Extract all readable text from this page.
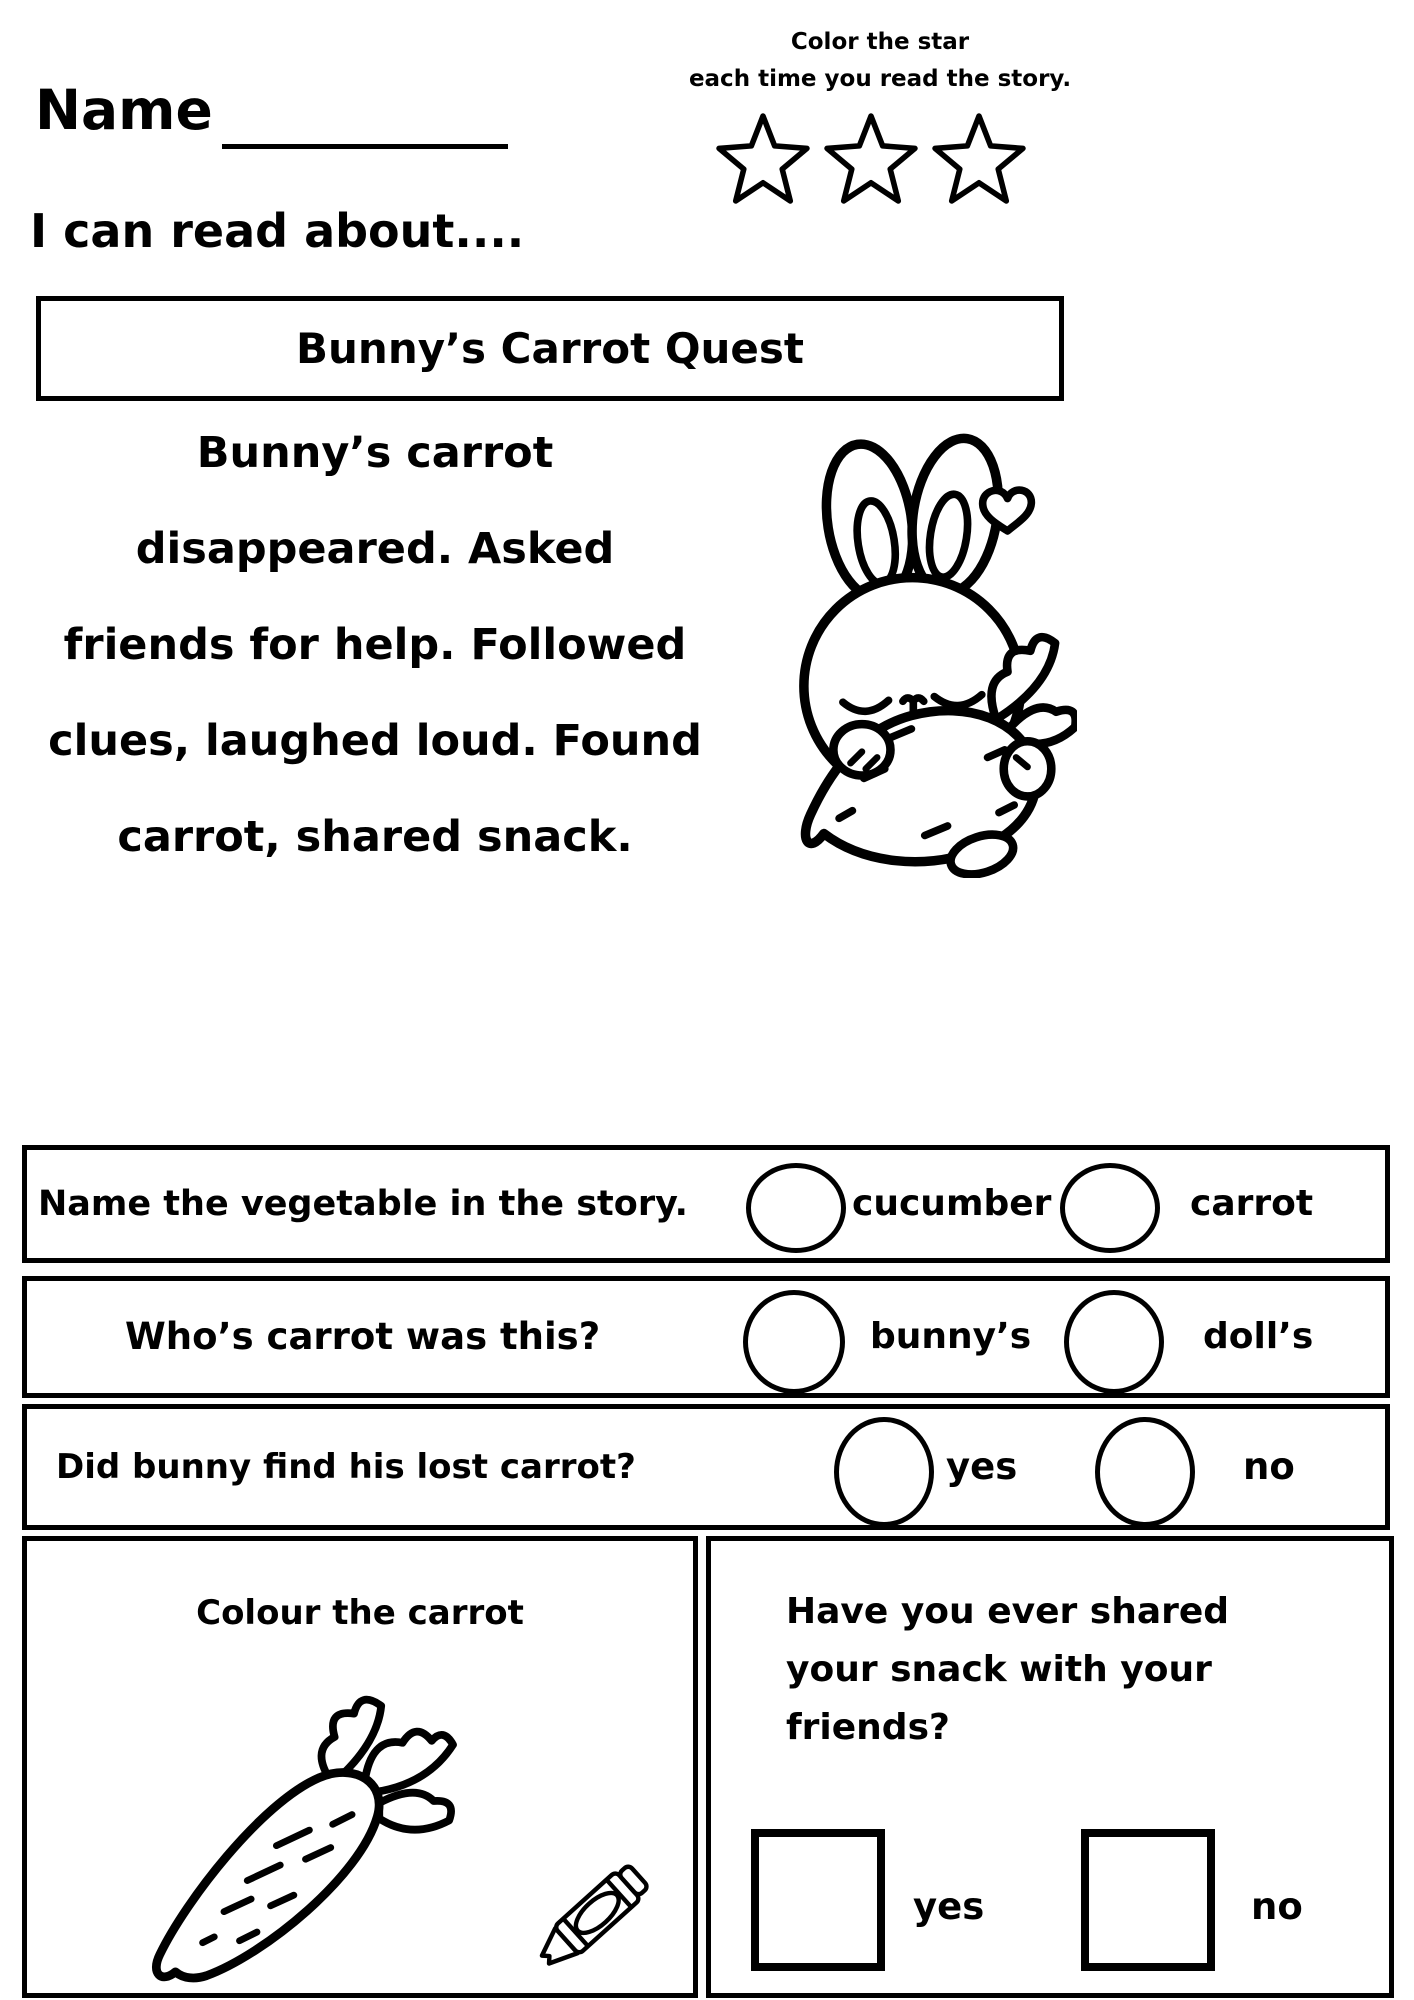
Name
Color the star
each time you read the story.
I can read about....
Bunny’s Carrot Quest
Bunny’s carrot
disappeared. Asked
friends for help. Followed
clues, laughed loud. Found
carrot, shared snack.
Name the vegetable in the story.	cucumber	carrot
Who’s carrot was this?	bunny’s	doll’s
Did bunny find his lost carrot?	yes	no
Colour the carrot	Have you ever shared your snack with your friends?
yes	no
